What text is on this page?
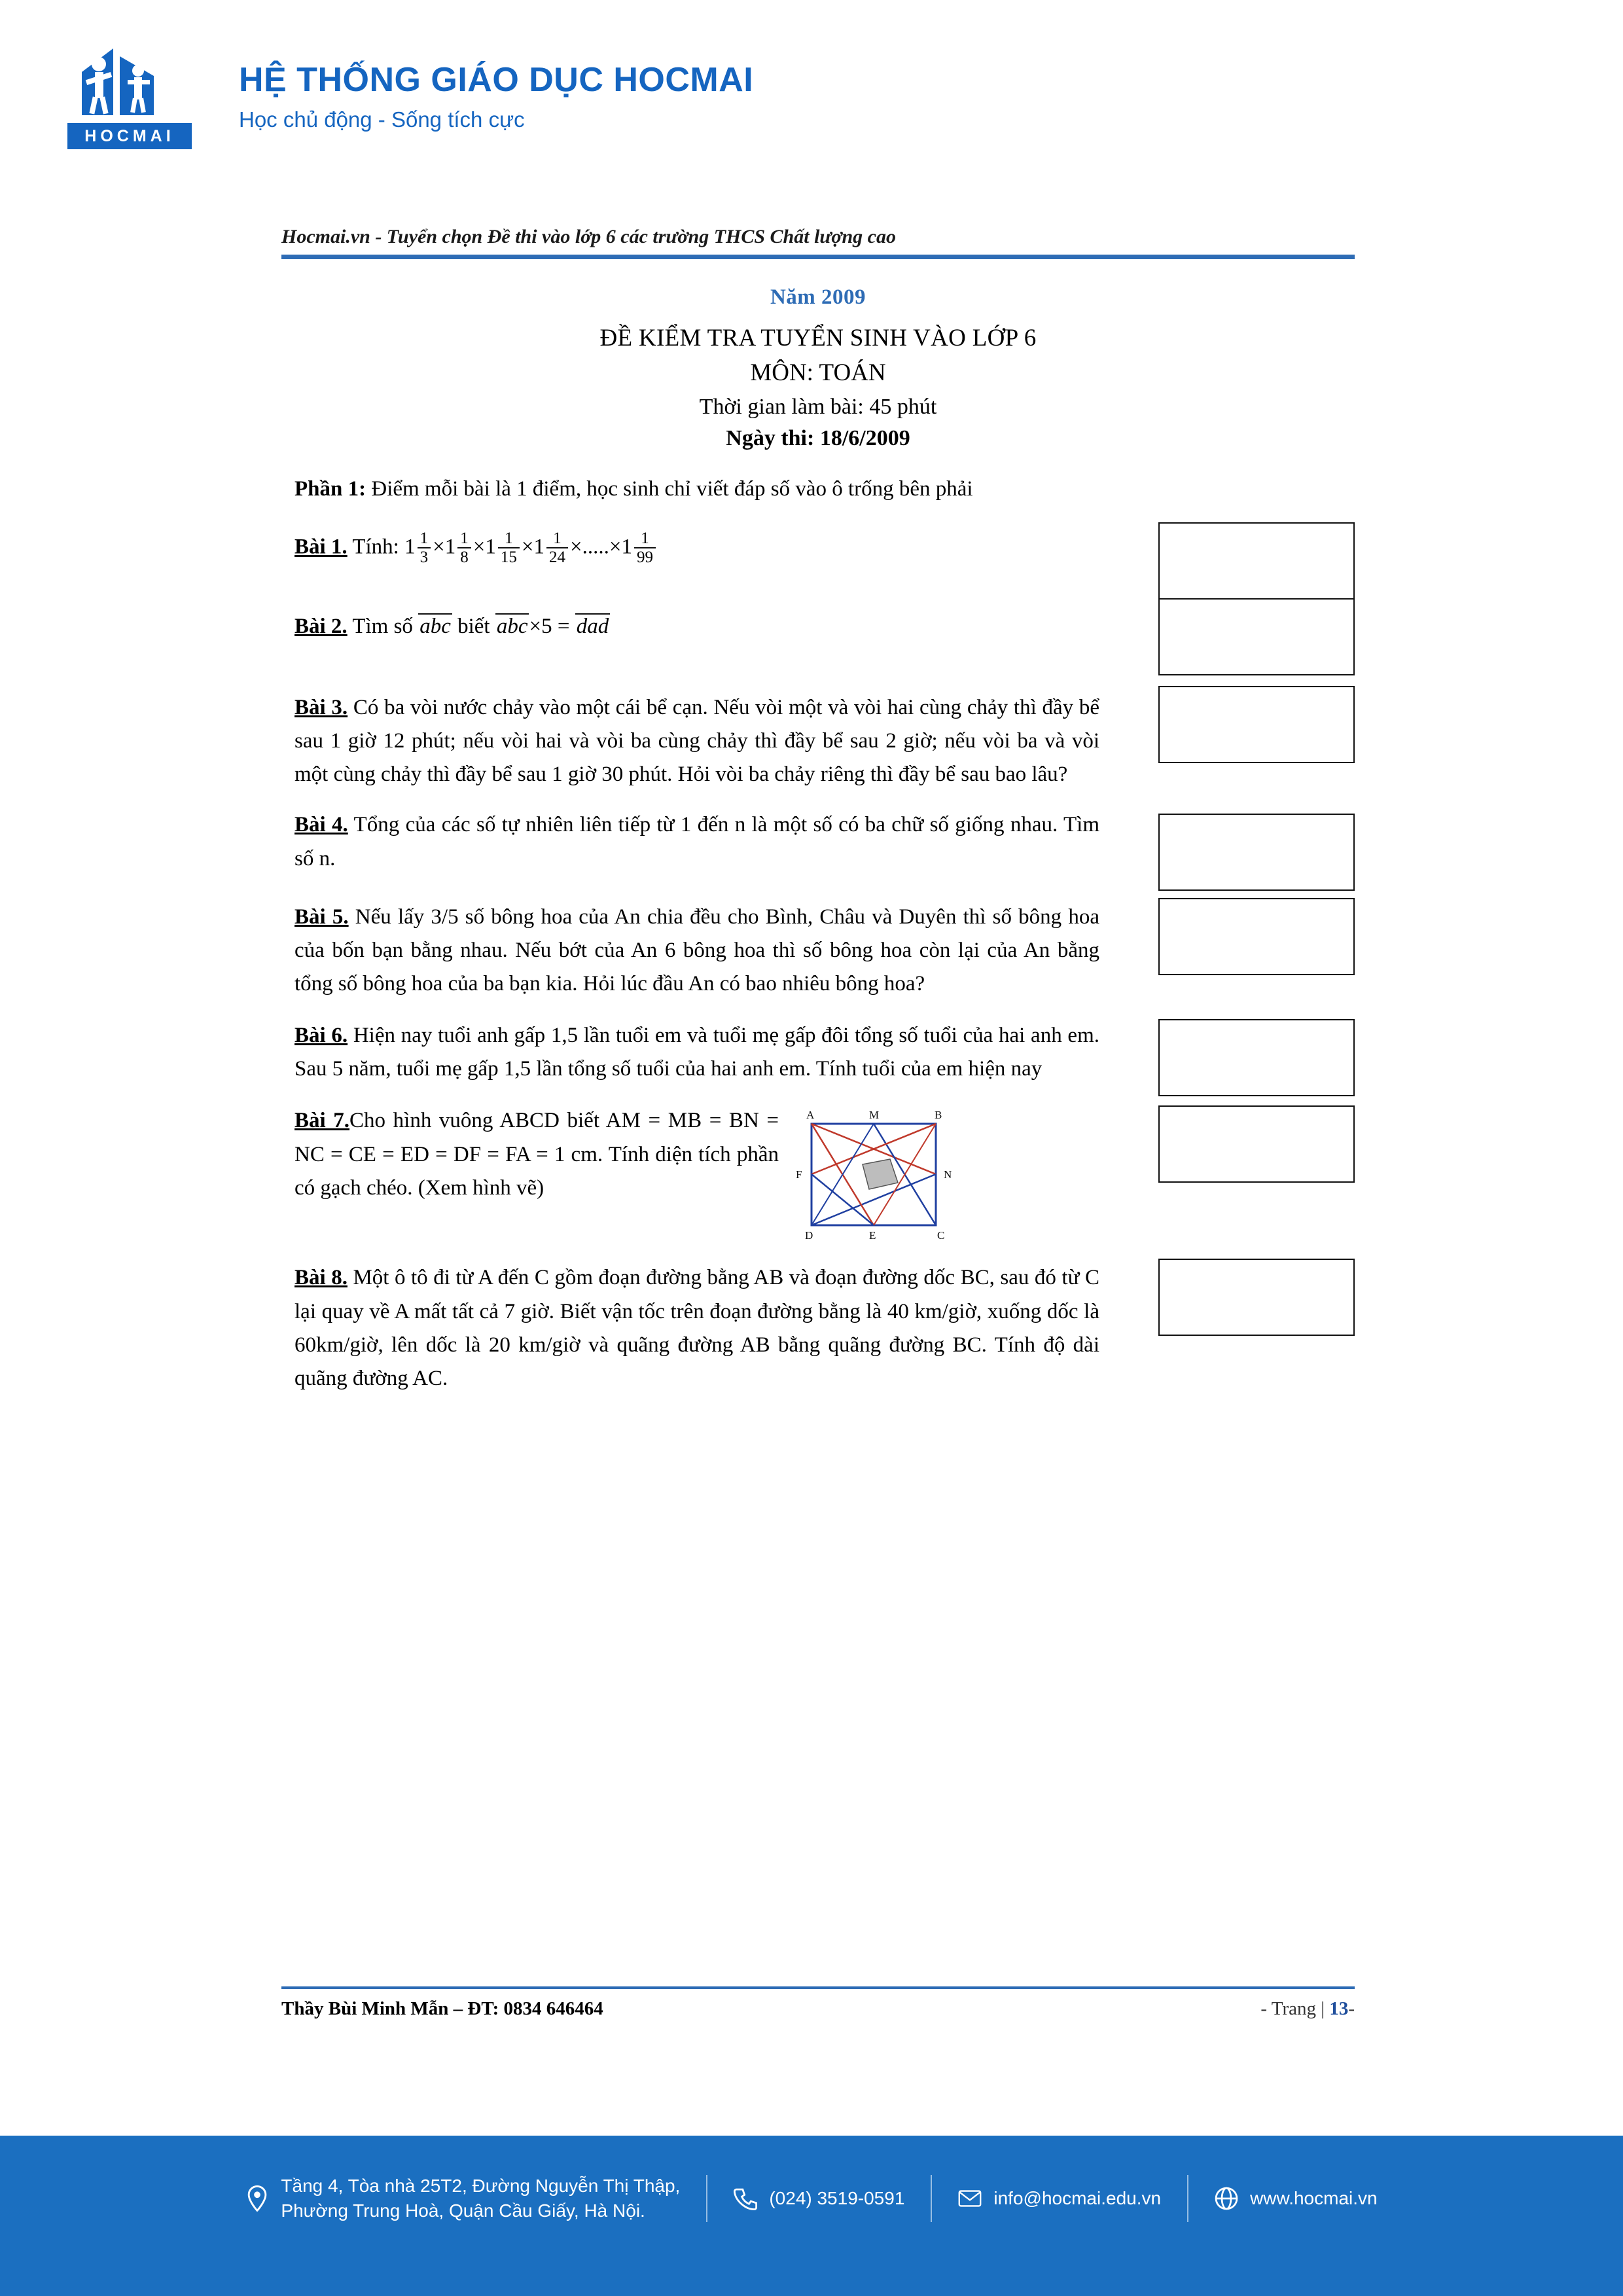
HOCMAI
HỆ THỐNG GIÁO DỤC HOCMAI
Học chủ động - Sống tích cực
Hocmai.vn - Tuyển chọn Đề thi vào lớp 6 các trường THCS Chất lượng cao
Năm 2009
ĐỀ KIỂM TRA TUYỂN SINH VÀO LỚP 6
MÔN: TOÁN
Thời gian làm bài: 45 phút
Ngày thi: 18/6/2009
Phần 1: Điểm mỗi bài là 1 điểm, học sinh chỉ viết đáp số vào ô trống bên phải
Bài 1. Tính: $1 \frac{1}{3} \times 1 \frac{1}{8} \times 1 \frac{1}{15} \times 1 \frac{1}{24} \times.....\times 1 \frac{1}{99}$
Bài 2. Tìm số abc biết abc×5 = dad
Bài 3. Có ba vòi nước chảy vào một cái bể cạn. Nếu vòi một và vòi hai cùng chảy thì đầy bể sau 1 giờ 12 phút; nếu vòi hai và vòi ba cùng chảy thì đầy bể sau 2 giờ; nếu vòi ba và vòi một cùng chảy thì đầy bể sau 1 giờ 30 phút. Hỏi vòi ba chảy riêng thì đầy bể sau bao lâu?
Bài 4. Tổng của các số tự nhiên liên tiếp từ 1 đến n là một số có ba chữ số giống nhau. Tìm số n.
Bài 5. Nếu lấy 3/5 số bông hoa của An chia đều cho Bình, Châu và Duyên thì số bông hoa của bốn bạn bằng nhau. Nếu bớt của An 6 bông hoa thì số bông hoa còn lại của An bằng tổng số bông hoa của ba bạn kia. Hỏi lúc đầu An có bao nhiêu bông hoa?
Bài 6. Hiện nay tuổi anh gấp 1,5 lần tuổi em và tuổi mẹ gấp đôi tổng số tuổi của hai anh em. Sau 5 năm, tuổi mẹ gấp 1,5 lần tổng số tuổi của hai anh em. Tính tuổi của em hiện nay
Bài 7.Cho hình vuông ABCD biết AM = MB = BN = NC = CE = ED = DF = FA = 1 cm. Tính diện tích phần có gạch chéo. (Xem hình vẽ)
A	M	B
F	N
D	E	C
Bài 8. Một ô tô đi từ A đến C gồm đoạn đường bằng AB và đoạn đường dốc BC, sau đó từ C lại quay về A mất tất cả 7 giờ. Biết vận tốc trên đoạn đường bằng là 40 km/giờ, xuống dốc là 60km/giờ, lên dốc là 20 km/giờ và quãng đường AB bằng quãng đường BC. Tính độ dài quãng đường AC.
Thầy Bùi Minh Mẫn – ĐT: 0834 646464	- Trang | 13-
Tầng 4, Tòa nhà 25T2, Đường Nguyễn Thị Thập,
Phường Trung Hoà, Quận Cầu Giấy, Hà Nội.
(024) 3519-0591	info@hocmai.edu.vn	www.hocmai.vn
